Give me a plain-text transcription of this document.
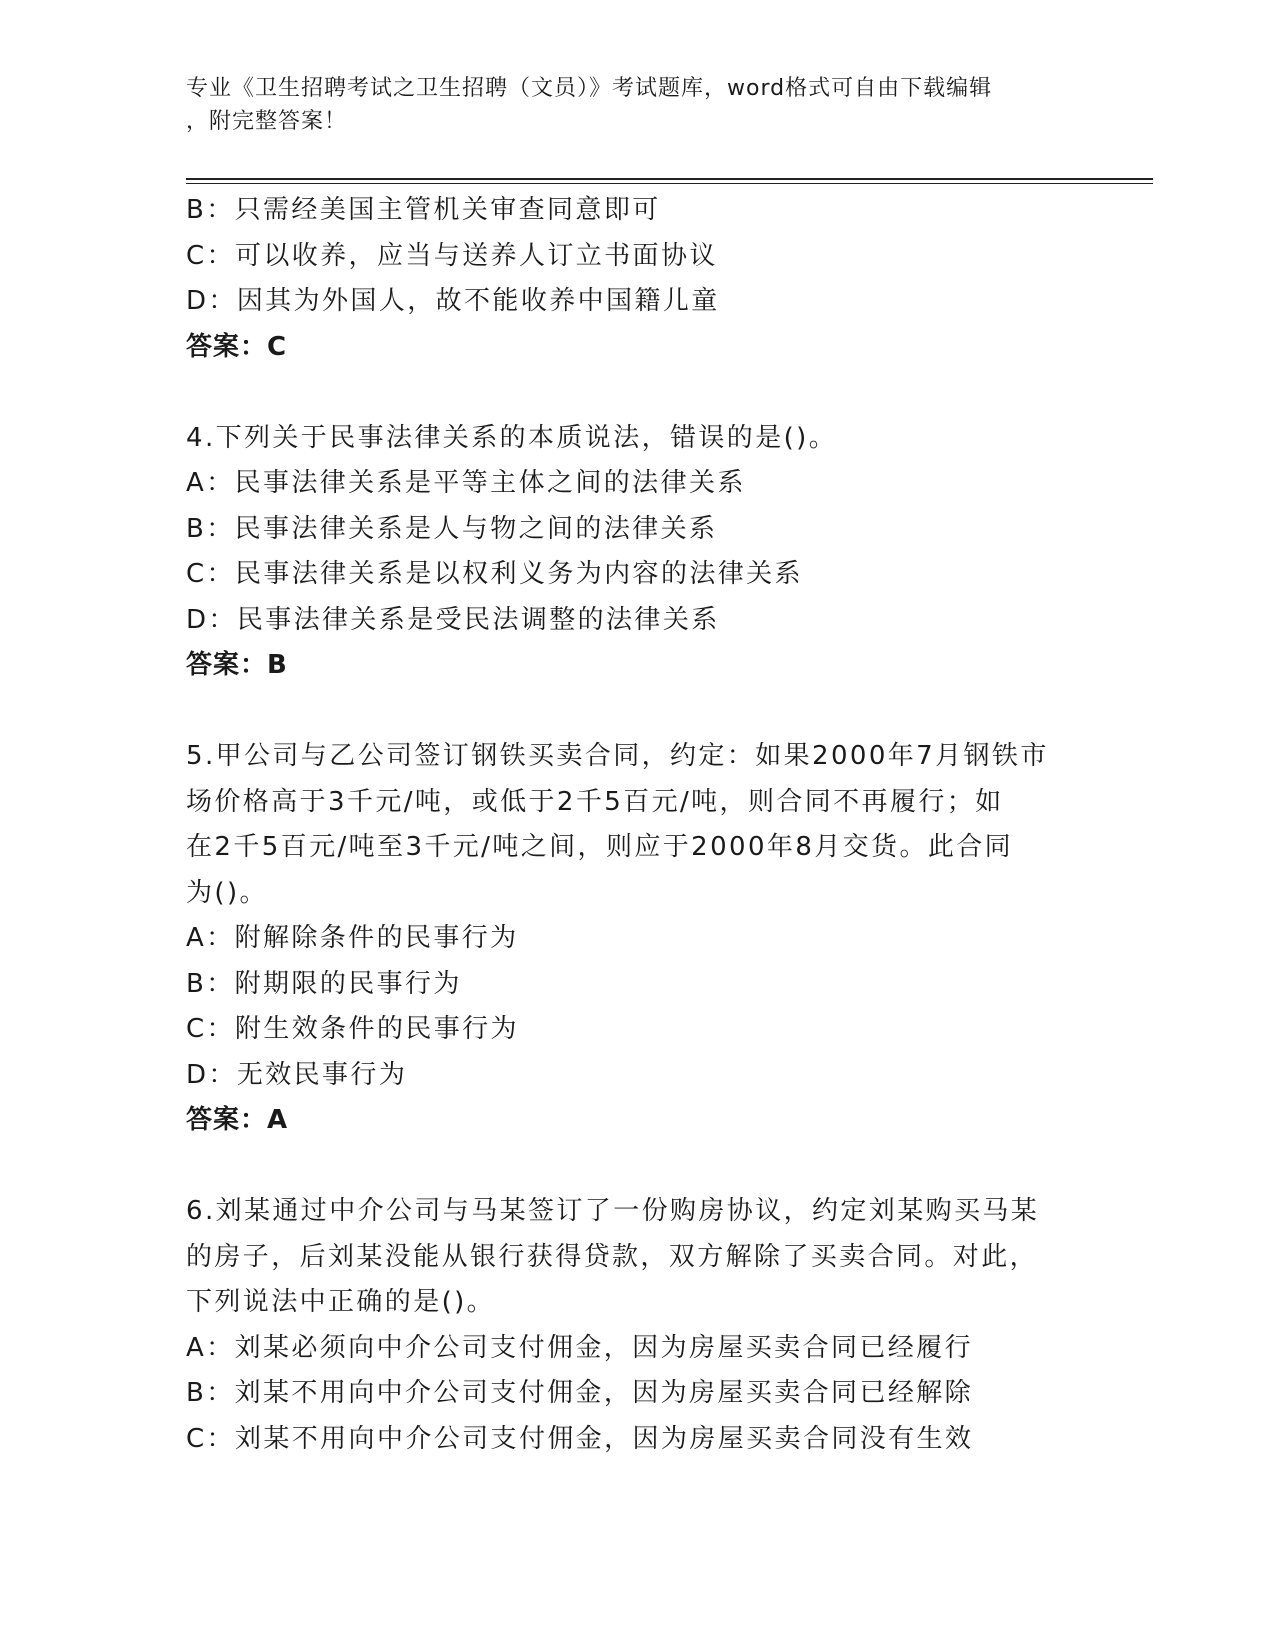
专业《卫生招聘考试之卫生招聘（文员）》考试题库，word格式可自由下载编辑
，附完整答案！

B：只需经美国主管机关审查同意即可

C：可以收养，应当与送养人订立书面协议

D：因其为外国人，故不能收养中国籍儿童

答案：C

4.下列关于民事法律关系的本质说法，错误的是()。

A：民事法律关系是平等主体之间的法律关系

B：民事法律关系是人与物之间的法律关系

C：民事法律关系是以权利义务为内容的法律关系

D：民事法律关系是受民法调整的法律关系

答案：B

5.甲公司与乙公司签订钢铁买卖合同，约定：如果2000年7月钢铁市

场价格高于3千元/吨，或低于2千5百元/吨，则合同不再履行；如

在2千5百元/吨至3千元/吨之间，则应于2000年8月交货。此合同

为()。

A：附解除条件的民事行为

B：附期限的民事行为

C：附生效条件的民事行为

D：无效民事行为

答案：A

6.刘某通过中介公司与马某签订了一份购房协议，约定刘某购买马某

的房子，后刘某没能从银行获得贷款，双方解除了买卖合同。对此，

下列说法中正确的是()。

A：刘某必须向中介公司支付佣金，因为房屋买卖合同已经履行

B：刘某不用向中介公司支付佣金，因为房屋买卖合同已经解除

C：刘某不用向中介公司支付佣金，因为房屋买卖合同没有生效
